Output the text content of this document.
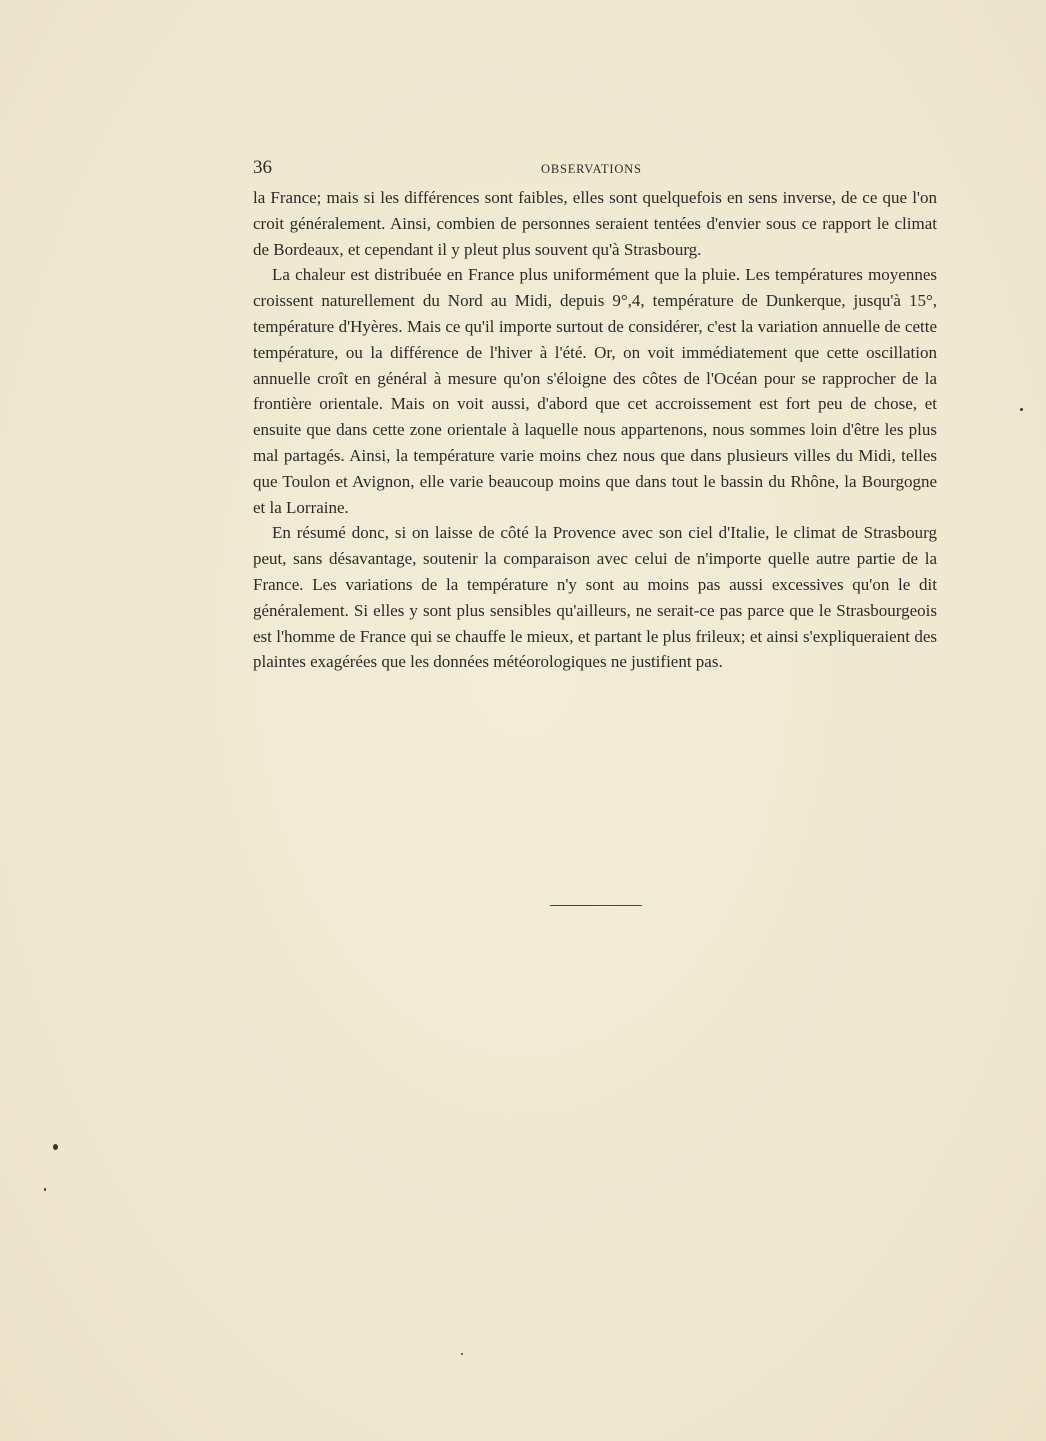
36	OBSERVATIONS

la France; mais si les différences sont faibles, elles sont quelquefois en sens inverse, de ce que l'on croit généralement. Ainsi, combien de personnes seraient tentées d'envier sous ce rapport le climat de Bordeaux, et cependant il y pleut plus souvent qu'à Strasbourg.

La chaleur est distribuée en France plus uniformément que la pluie. Les températures moyennes croissent naturellement du Nord au Midi, depuis 9°,4, température de Dunkerque, jusqu'à 15°, température d'Hyères. Mais ce qu'il importe surtout de considérer, c'est la variation annuelle de cette température, ou la différence de l'hiver à l'été. Or, on voit immédiatement que cette oscillation annuelle croît en général à mesure qu'on s'éloigne des côtes de l'Océan pour se rapprocher de la frontière orientale. Mais on voit aussi, d'abord que cet accroissement est fort peu de chose, et ensuite que dans cette zone orientale à laquelle nous appartenons, nous sommes loin d'être les plus mal partagés. Ainsi, la température varie moins chez nous que dans plusieurs villes du Midi, telles que Toulon et Avignon, elle varie beaucoup moins que dans tout le bassin du Rhône, la Bourgogne et la Lorraine.

En résumé donc, si on laisse de côté la Provence avec son ciel d'Italie, le climat de Strasbourg peut, sans désavantage, soutenir la comparaison avec celui de n'importe quelle autre partie de la France. Les variations de la température n'y sont au moins pas aussi excessives qu'on le dit généralement. Si elles y sont plus sensibles qu'ailleurs, ne serait-ce pas parce que le Strasbourgeois est l'homme de France qui se chauffe le mieux, et partant le plus frileux; et ainsi s'expliqueraient des plaintes exagérées que les données météorologiques ne justifient pas.
